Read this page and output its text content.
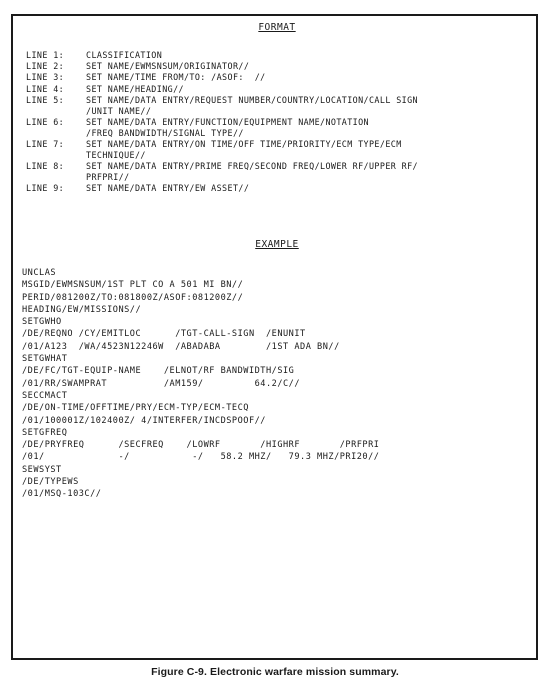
FORMAT
LINE 1:	CLASSIFICATION
LINE 2:	SET NAME/EWMSNSUM/ORIGINATOR//
LINE 3:	SET NAME/TIME FROM/TO: /ASOF:  //
LINE 4:	SET NAME/HEADING//
LINE 5:	SET NAME/DATA ENTRY/REQUEST NUMBER/COUNTRY/LOCATION/CALL SIGN
/UNIT NAME//
LINE 6:	SET NAME/DATA ENTRY/FUNCTION/EQUIPMENT NAME/NOTATION
/FREQ BANDWIDTH/SIGNAL TYPE//
LINE 7:	SET NAME/DATA ENTRY/ON TIME/OFF TIME/PRIORITY/ECM TYPE/ECM
TECHNIQUE//
LINE 8:	SET NAME/DATA ENTRY/PRIME FREQ/SECOND FREQ/LOWER RF/UPPER RF/
PRFPRI//
LINE 9:	SET NAME/DATA ENTRY/EW ASSET//
EXAMPLE
UNCLAS
MSGID/EWMSNSUM/1ST PLT CO A 501 MI BN//
PERID/081200Z/TO:081800Z/ASOF:081200Z//
HEADING/EW/MISSIONS//
SETGWHO
/DE/REQNO /CY/EMITLOC      /TGT-CALL-SIGN  /ENUNIT
/01/A123  /WA/4523N12246W  /ABADABA        /1ST ADA BN//
SETGWHAT
/DE/FC/TGT-EQUIP-NAME    /ELNOT/RF BANDWIDTH/SIG
/01/RR/SWAMPRAT          /AM159/         64.2/C//
SECCMACT
/DE/ON-TIME/OFFTIME/PRY/ECM-TYP/ECM-TECQ
/01/100001Z/102400Z/ 4/INTERFER/INCDSPOOF//
SETGFREQ
/DE/PRYFREQ      /SECFREQ    /LOWRF       /HIGHRF       /PRFPRI
/01/             -/           -/   58.2 MHZ/   79.3 MHZ/PRI20//
SEWSYST
/DE/TYPEWS
/01/MSQ-103C//
Figure C-9. Electronic warfare mission summary.
